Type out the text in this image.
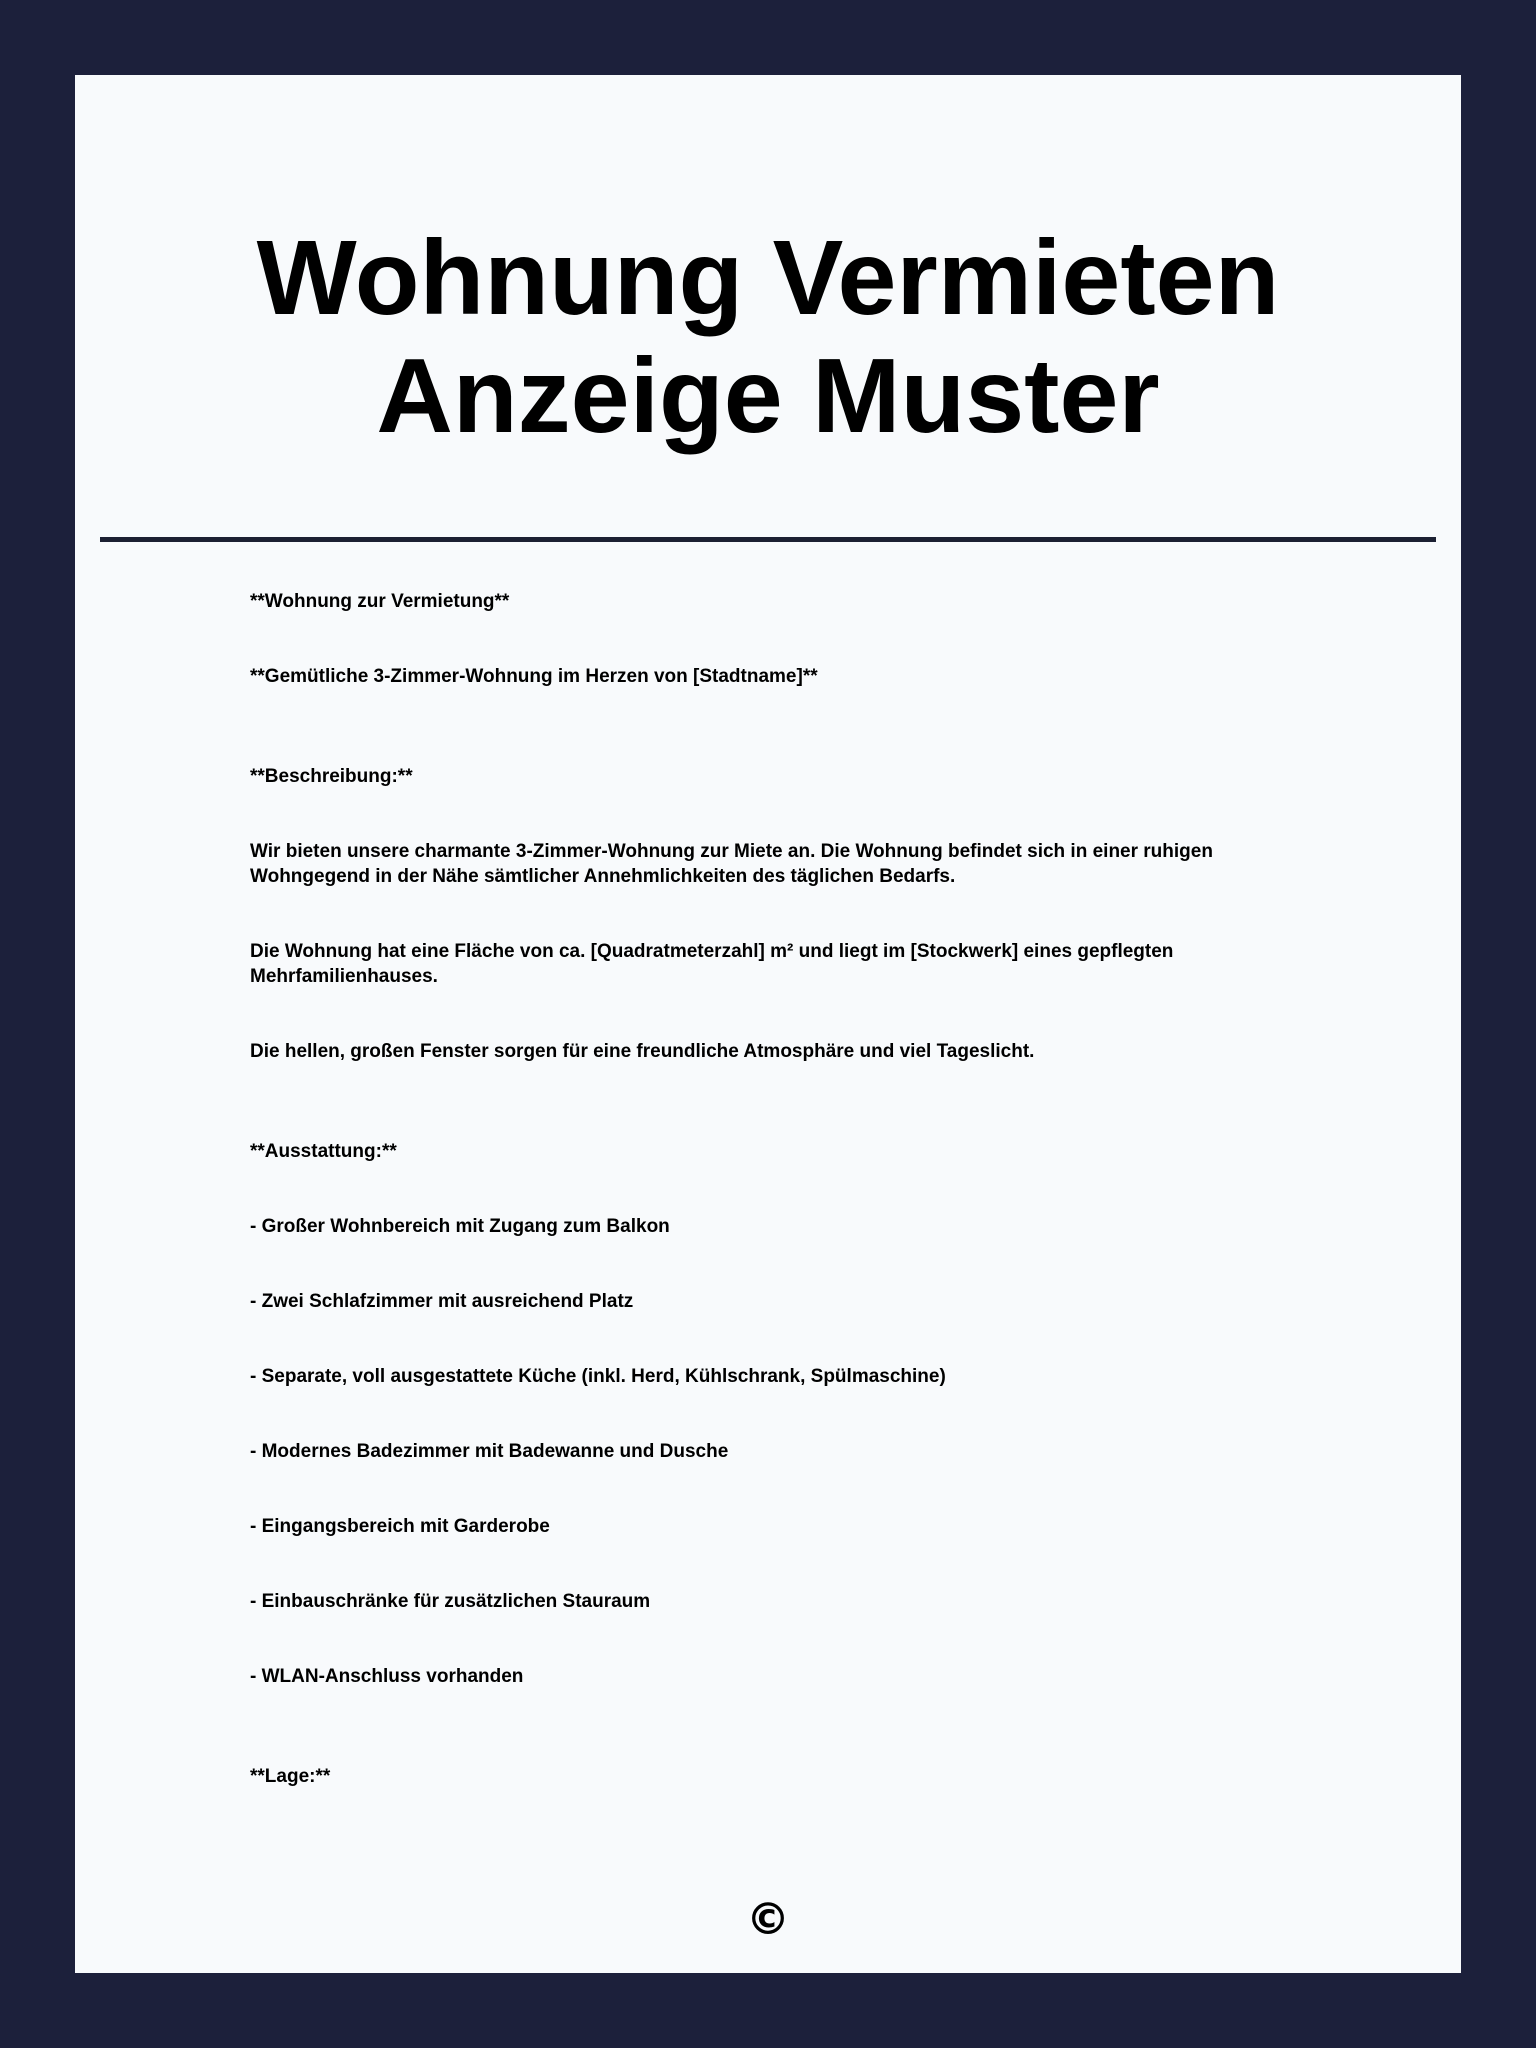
Wohnung Vermieten Anzeige Muster

**Wohnung zur Vermietung**

**Gemütliche 3-Zimmer-Wohnung im Herzen von [Stadtname]**

**Beschreibung:**

Wir bieten unsere charmante 3-Zimmer-Wohnung zur Miete an. Die Wohnung befindet sich in einer ruhigen Wohngegend in der Nähe sämtlicher Annehmlichkeiten des täglichen Bedarfs.

Die Wohnung hat eine Fläche von ca. [Quadratmeterzahl] m² und liegt im [Stockwerk] eines gepflegten Mehrfamilienhauses.

Die hellen, großen Fenster sorgen für eine freundliche Atmosphäre und viel Tageslicht.

**Ausstattung:**

- Großer Wohnbereich mit Zugang zum Balkon

- Zwei Schlafzimmer mit ausreichend Platz

- Separate, voll ausgestattete Küche (inkl. Herd, Kühlschrank, Spülmaschine)

- Modernes Badezimmer mit Badewanne und Dusche

- Eingangsbereich mit Garderobe

- Einbauschränke für zusätzlichen Stauraum

- WLAN-Anschluss vorhanden

**Lage:**

©
